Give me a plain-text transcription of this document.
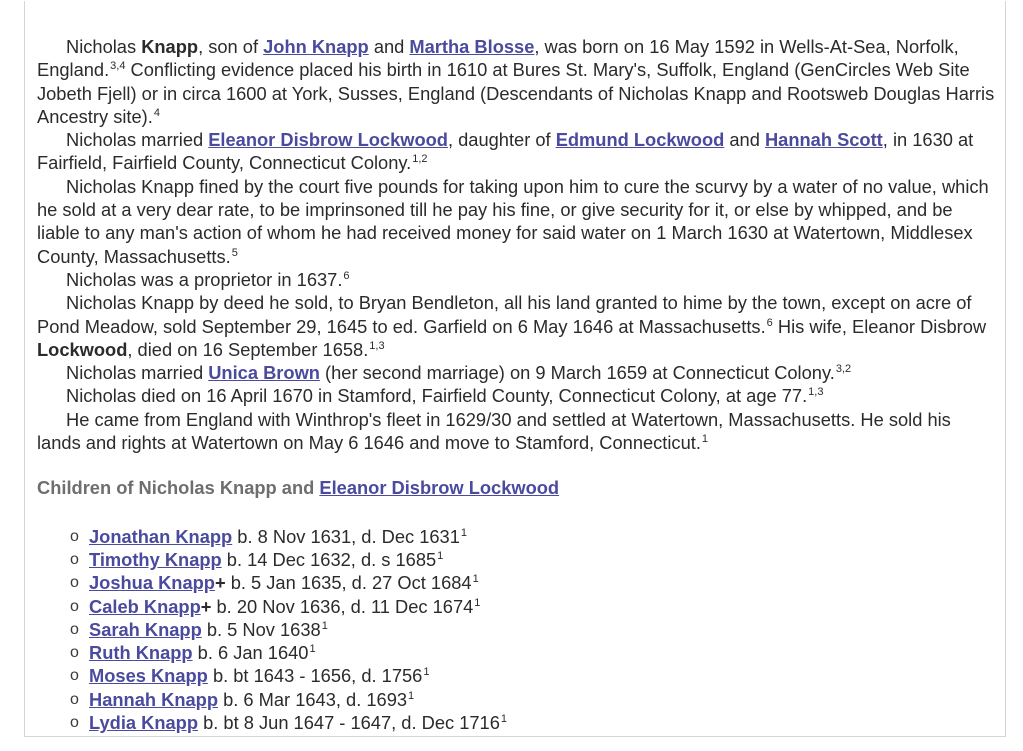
Nicholas Knapp, son of John Knapp and Martha Blosse, was born on 16 May 1592 in Wells-At-Sea, Norfolk, England.$^{3,4}$ Conflicting evidence placed his birth in 1610 at Bures St. Mary's, Suffolk, England (GenCircles Web Site Jobeth Fjell) or in circa 1600 at York, Susses, England (Descendants of Nicholas Knapp and Rootsweb Douglas Harris Ancestry site).$^4$

Nicholas married Eleanor Disbrow Lockwood, daughter of Edmund Lockwood and Hannah Scott, in 1630 at Fairfield, Fairfield County, Connecticut Colony.$^{1,2}$

Nicholas Knapp fined by the court five pounds for taking upon him to cure the scurvy by a water of no value, which he sold at a very dear rate, to be imprinsoned till he pay his fine, or give security for it, or else by whipped, and be liable to any man's action of whom he had received money for said water on 1 March 1630 at Watertown, Middlesex County, Massachusetts.$^5$

Nicholas was a proprietor in 1637.$^6$

Nicholas Knapp by deed he sold, to Bryan Bendleton, all his land granted to hime by the town, except on acre of Pond Meadow, sold September 29, 1645 to ed. Garfield on 6 May 1646 at Massachusetts.$^6$ His wife, Eleanor Disbrow Lockwood, died on 16 September 1658.$^{1,3}$

Nicholas married Unica Brown (her second marriage) on 9 March 1659 at Connecticut Colony.$^{3,2}$

Nicholas died on 16 April 1670 in Stamford, Fairfield County, Connecticut Colony, at age 77.$^{1,3}$

He came from England with Winthrop's fleet in 1629/30 and settled at Watertown, Massachusetts. He sold his lands and rights at Watertown on May 6 1646 and move to Stamford, Connecticut.$^1$

Children of Nicholas Knapp and Eleanor Disbrow Lockwood
o Jonathan Knapp b. 8 Nov 1631, d. Dec 1631$^1$
o Timothy Knapp b. 14 Dec 1632, d. s 1685$^1$
o Joshua Knapp+ b. 5 Jan 1635, d. 27 Oct 1684$^1$
o Caleb Knapp+ b. 20 Nov 1636, d. 11 Dec 1674$^1$
o Sarah Knapp b. 5 Nov 1638$^1$
o Ruth Knapp b. 6 Jan 1640$^1$
o Moses Knapp b. bt 1643 - 1656, d. 1756$^1$
o Hannah Knapp b. 6 Mar 1643, d. 1693$^1$
o Lydia Knapp b. bt 8 Jun 1647 - 1647, d. Dec 1716$^1$
